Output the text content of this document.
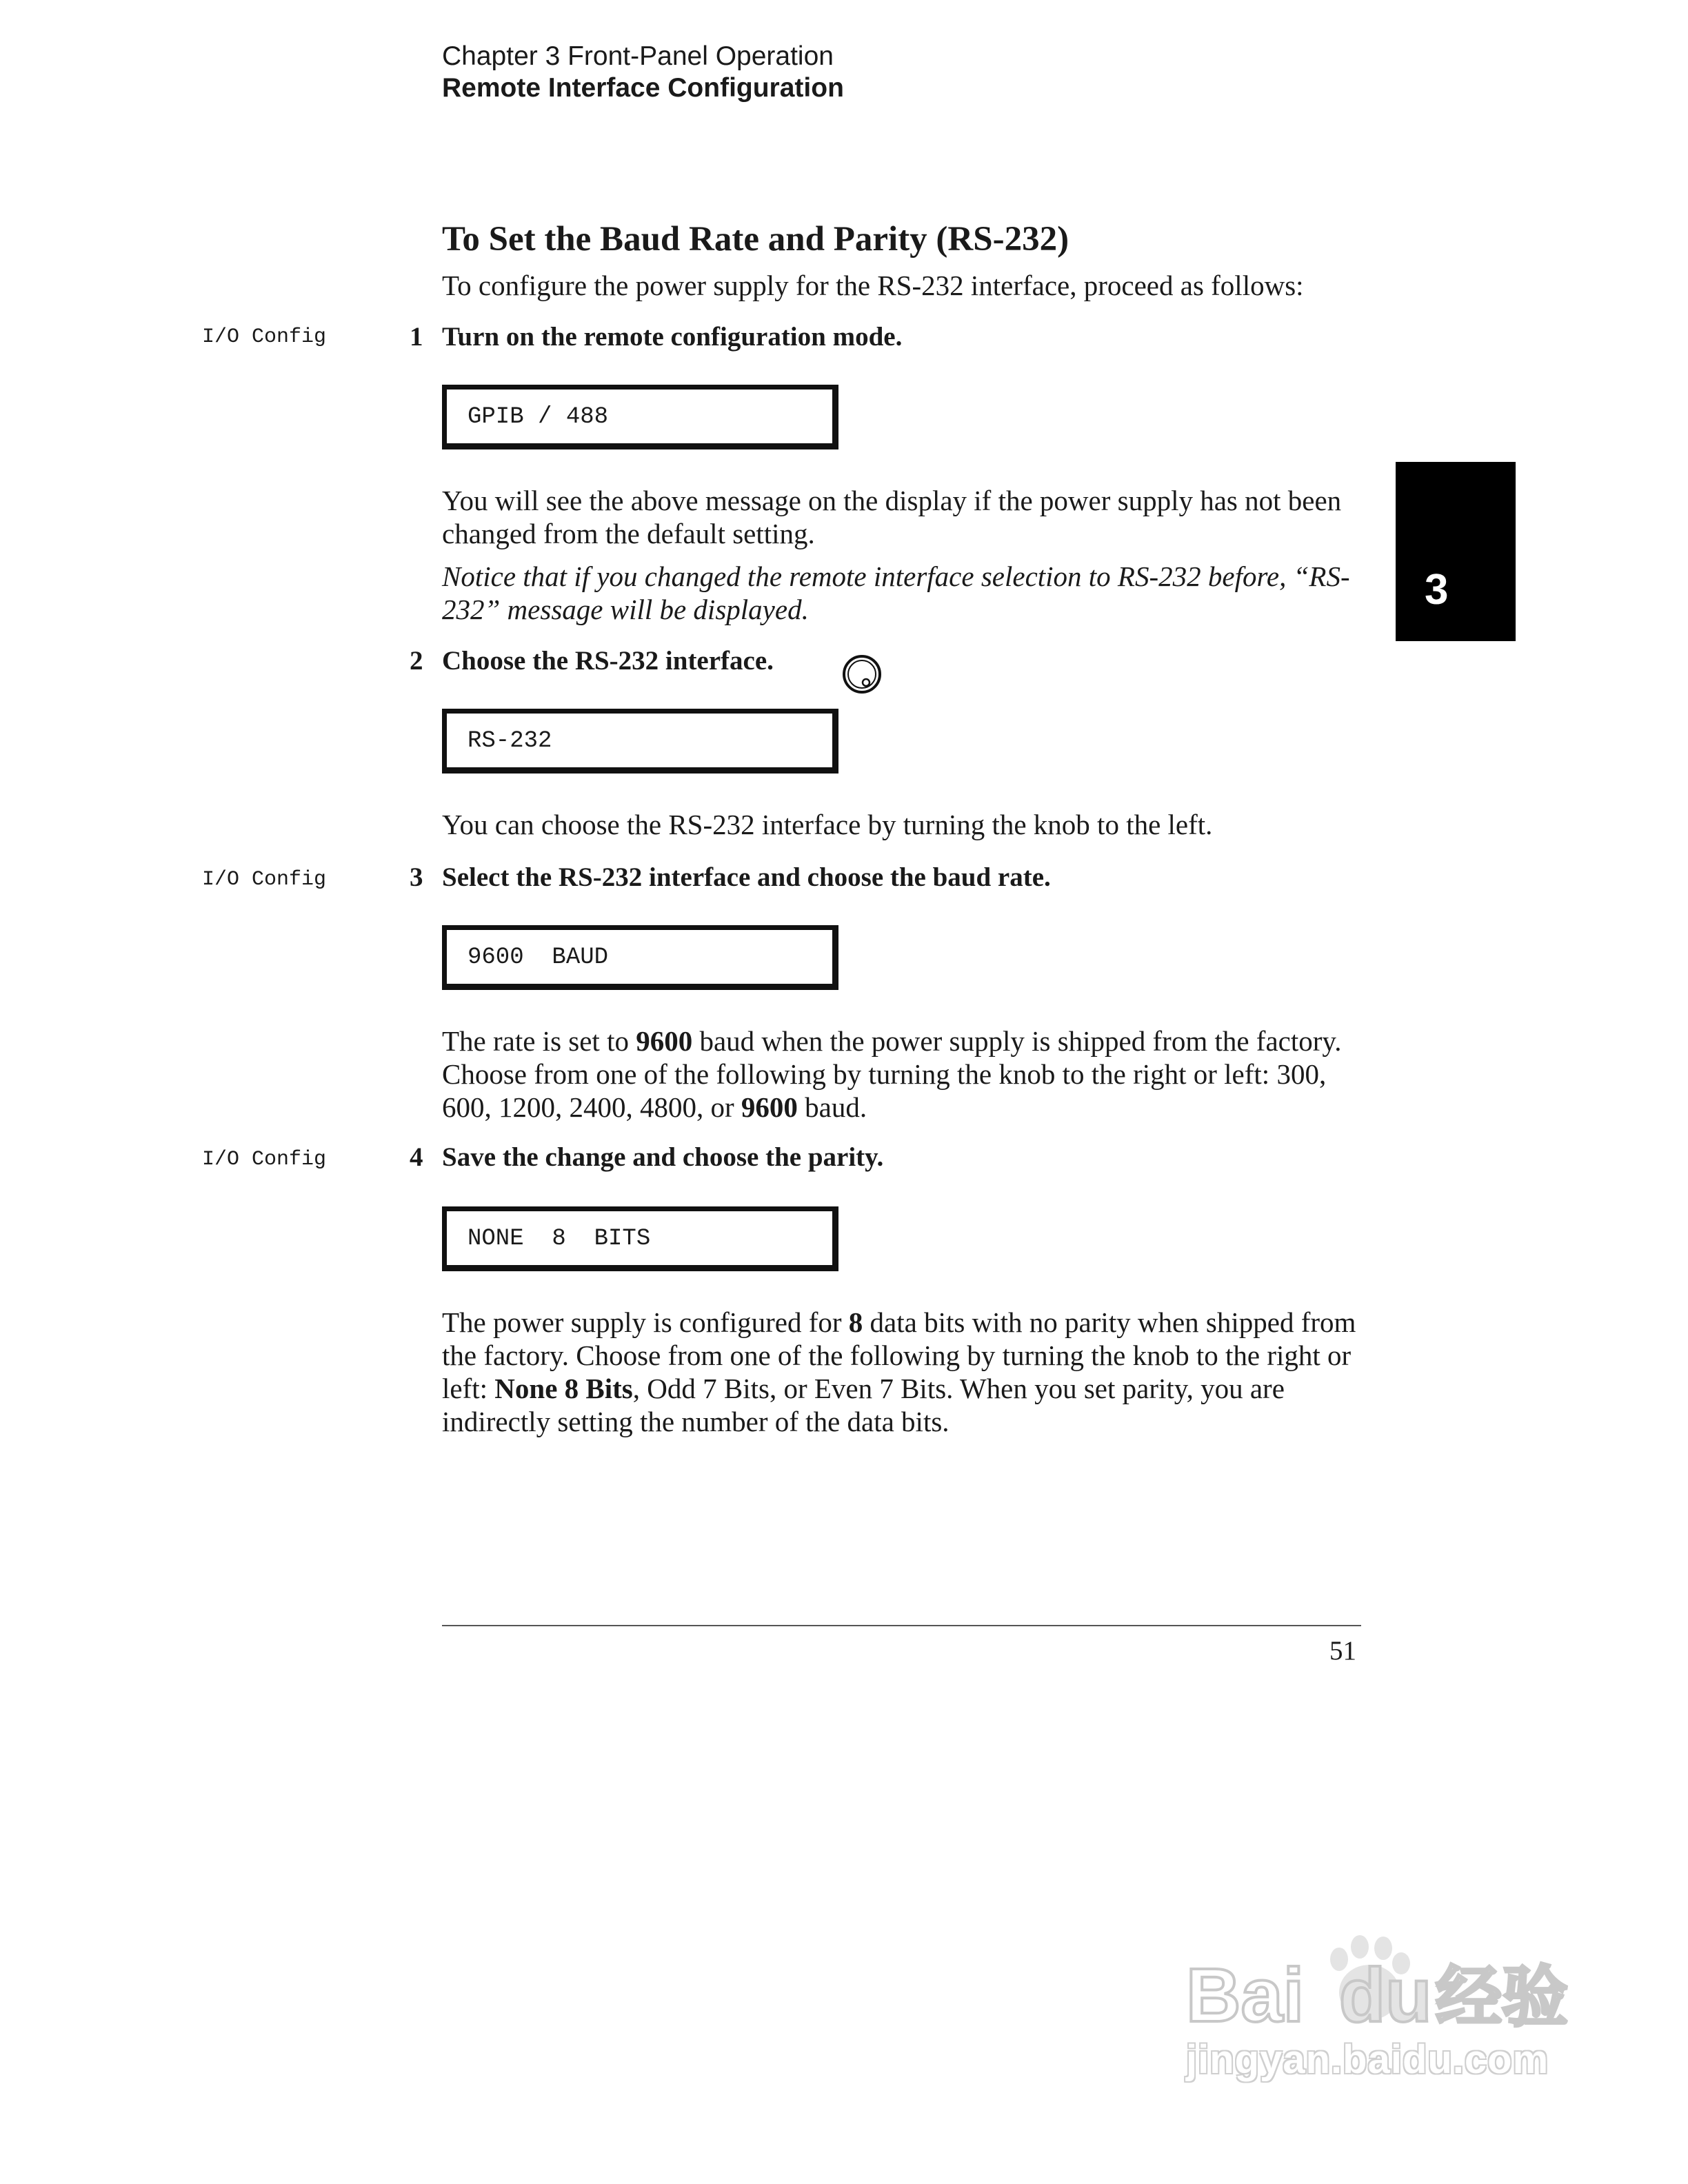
Chapter 3 Front-Panel Operation
Remote Interface Configuration
To Set the Baud Rate and Parity (RS-232)
To configure the power supply for the RS-232 interface, proceed as follows:
I/O Config	1 Turn on the remote configuration mode.
GPIB / 488

You will see the above message on the display if the power supply has not been changed from the default setting.

Notice that if you changed the remote interface selection to RS-232 before, “RS-232” message will be displayed.

2 Choose the RS-232 interface.
RS-232

You can choose the RS-232 interface by turning the knob to the left.

I/O Config	3 Select the RS-232 interface and choose the baud rate.
9600  BAUD

The rate is set to 9600 baud when the power supply is shipped from the factory. Choose from one of the following by turning the knob to the right or left: 300, 600, 1200, 2400, 4800, or 9600 baud.

I/O Config	4 Save the change and choose the parity.
NONE  8  BITS

The power supply is configured for 8 data bits with no parity when shipped from the factory. Choose from one of the following by turning the knob to the right or left: None 8 Bits, Odd 7 Bits, or Even 7 Bits. When you set parity, you are indirectly setting the number of the data bits.

3
51
Bai du 经验
jingyan.baidu.com
